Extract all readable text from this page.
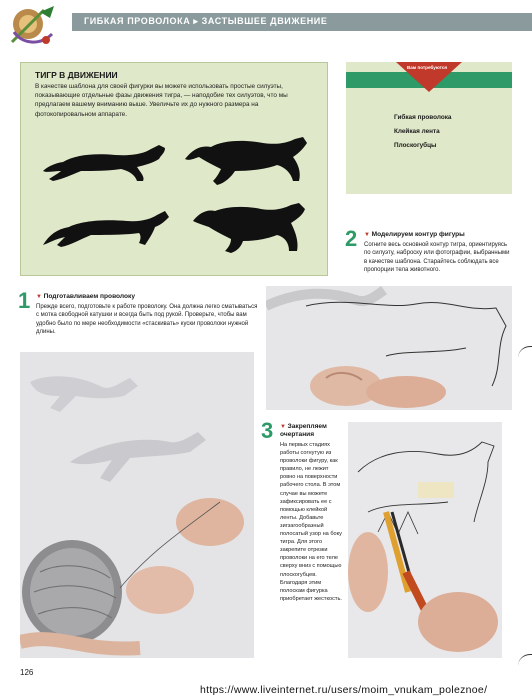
ГИБКАЯ ПРОВОЛОКА ▸ ЗАСТЫВШЕЕ ДВИЖЕНИЕ
ТИГР В ДВИЖЕНИИ
В качестве шаблона для своей фигурки вы можете использовать простые силуэты, показывающие отдельные фазы движения тигра, — наподобие тех силуэтов, что мы предлагаем вашему вниманию выше. Увеличьте их до нужного размера на фотокопировальном аппарате.
Вам потребуются
Гибкая проволока
Клейкая лента
Плоскогубцы
2 ▼ Моделируем контур фигуры
Согните весь основной контур тигра, ориентируясь по силуэту, наброску или фотографии, выбранными в качестве шаблона. Старайтесь соблюдать все пропорции тела животного.
1 ▼ Подготавливаем проволоку
Прежде всего, подготовьте к работе проволоку. Она должна легко сматываться с мотка свободной катушки и всегда быть под рукой. Проверьте, чтобы вам удобно было по мере необходимости «стаскивать» куски проволоки нужной длины.
3 ▼ Закрепляем очертания
На первых стадиях работы согнутую из проволоки фигуру, как правило, не лежит ровно на поверхности рабочего стола. В этом случае вы можете зафиксировать ее с помощью клейкой ленты. Добавьте зигзагообразный полосатый узор на боку тигра. Для этого закрепите отрезки проволоки на его теле сверху вниз с помощью плоскогубцев. Благодаря этим полоскам фигурка приобретает жесткость.
126
https://www.liveinternet.ru/users/moim_vnukam_poleznoe/
